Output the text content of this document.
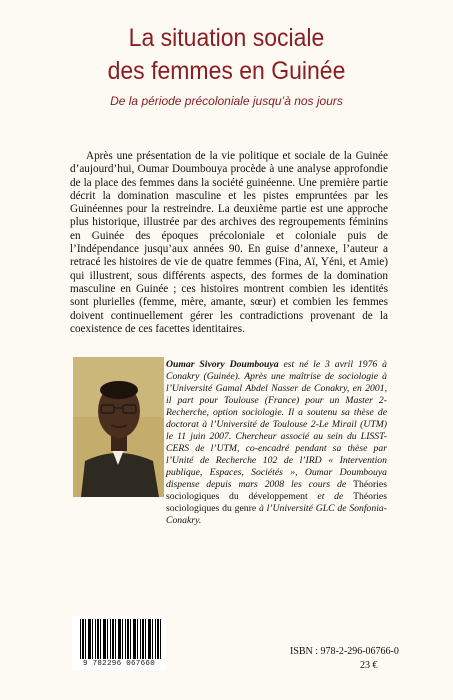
La situation sociale
des femmes en Guinée
De la période précoloniale jusqu’à nos jours

Après une présentation de la vie politique et sociale de la Guinée d’aujourd’hui, Oumar Doumbouya procède à une analyse approfondie de la place des femmes dans la société guinéenne. Une première partie décrit la domination masculine et les pistes empruntées par les Guinéennes pour la restreindre. La deuxième partie est une approche plus historique, illustrée par des archives des regroupements féminins en Guinée des époques précoloniale et coloniale puis de l’Indépendance jusqu’aux années 90. En guise d’annexe, l’auteur a retracé les histoires de vie de quatre femmes (Fina, Aï, Yéni, et Amie) qui illustrent, sous différents aspects, des formes de la domination masculine en Guinée ; ces histoires montrent combien les identités sont plurielles (femme, mère, amante, sœur) et combien les femmes doivent continuellement gérer les contradictions provenant de la coexistence de ces facettes identitaires.

Oumar Sivory Doumbouya est né le 3 avril 1976 à Conakry (Guinée). Après une maîtrise de sociologie à l’Université Gamal Abdel Nasser de Conakry, en 2001, il part pour Toulouse (France) pour un Master 2-Recherche, option sociologie. Il a soutenu sa thèse de doctorat à l’Université de Toulouse 2-Le Mirail (UTM) le 11 juin 2007. Chercheur associé au sein du LISST-CERS de l’UTM, co-encadré pendant sa thèse par l’Unité de Recherche 102 de l’IRD « Intervention publique, Espaces, Sociétés », Oumar Doumbouya dispense depuis mars 2008 les cours de Théories sociologiques du développement et de Théories sociologiques du genre à l’Université GLC de Sonfonia-Conakry.

9 782296 067660
ISBN : 978-2-296-06766-0
23 €
